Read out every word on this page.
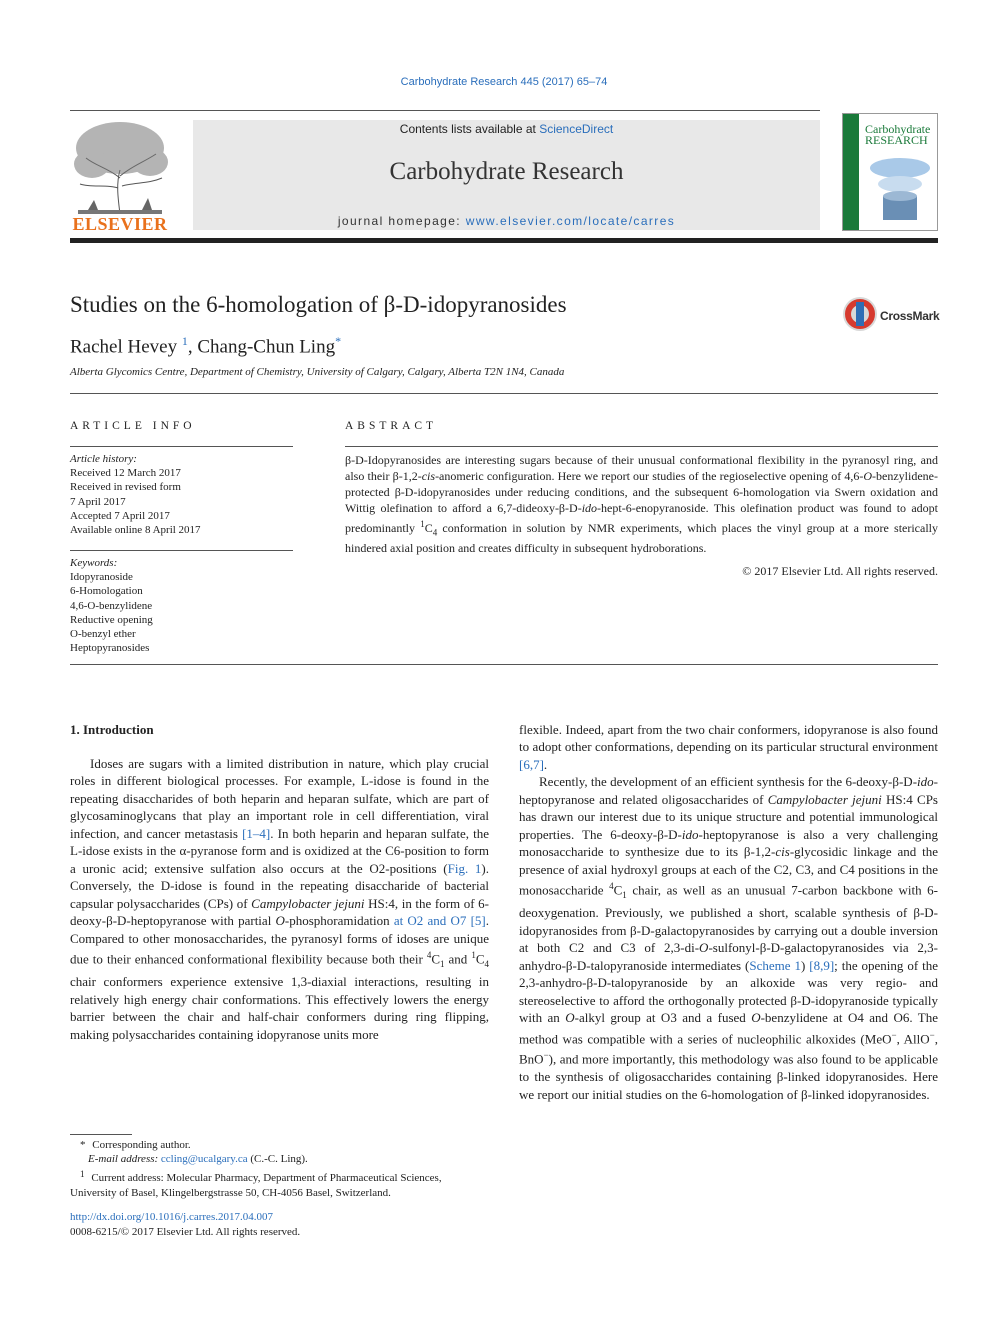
Carbohydrate Research 445 (2017) 65–74
ELSEVIER
Contents lists available at ScienceDirect
Carbohydrate Research
journal homepage: www.elsevier.com/locate/carres
Carbohydrate
RESEARCH
Studies on the 6-homologation of β-D-idopyranosides	CrossMark
Rachel Hevey $^1$, Chang-Chun Ling*
Alberta Glycomics Centre, Department of Chemistry, University of Calgary, Calgary, Alberta T2N 1N4, Canada
ARTICLE INFO
Article history:
Received 12 March 2017
Received in revised form
7 April 2017
Accepted 7 April 2017
Available online 8 April 2017
Keywords:
Idopyranoside
6-Homologation
4,6-O-benzylidene
Reductive opening
O-benzyl ether
Heptopyranosides
ABSTRACT
β-D-Idopyranosides are interesting sugars because of their unusual conformational flexibility in the pyranosyl ring, and also their β-1,2-cis-anomeric configuration. Here we report our studies of the regioselective opening of 4,6-O-benzylidene-protected β-D-idopyranosides under reducing conditions, and the subsequent 6-homologation via Swern oxidation and Wittig olefination to afford a 6,7-dideoxy-β-D-ido-hept-6-enopyranoside. This olefination product was found to adopt predominantly $^1C_4$ conformation in solution by NMR experiments, which places the vinyl group at a more sterically hindered axial position and creates difficulty in subsequent hydroborations.
© 2017 Elsevier Ltd. All rights reserved.
1. Introduction

Idoses are sugars with a limited distribution in nature, which play crucial roles in different biological processes. For example, L-idose is found in the repeating disaccharides of both heparin and heparan sulfate, which are part of glycosaminoglycans that play an important role in cell differentiation, viral infection, and cancer metastasis [1–4]. In both heparin and heparan sulfate, the L-idose exists in the α-pyranose form and is oxidized at the C6-position to form a uronic acid; extensive sulfation also occurs at the O2-positions (Fig. 1). Conversely, the D-idose is found in the repeating disaccharide of bacterial capsular polysaccharides (CPs) of Campylobacter jejuni HS:4, in the form of 6-deoxy-β-D-heptopyranose with partial O-phosphoramidation at O2 and O7 [5]. Compared to other monosaccharides, the pyranosyl forms of idoses are unique due to their enhanced conformational flexibility because both their $^4C_1$ and $^1C_4$ chair conformers experience extensive 1,3-diaxial interactions, resulting in relatively high energy chair conformations. This effectively lowers the energy barrier between the chair and half-chair conformers during ring flipping, making polysaccharides containing idopyranose units more

flexible. Indeed, apart from the two chair conformers, idopyranose is also found to adopt other conformations, depending on its particular structural environment [6,7].

Recently, the development of an efficient synthesis for the 6-deoxy-β-D-ido-heptopyranose and related oligosaccharides of Campylobacter jejuni HS:4 CPs has drawn our interest due to its unique structure and potential immunological properties. The 6-deoxy-β-D-ido-heptopyranose is also a very challenging monosaccharide to synthesize due to its β-1,2-cis-glycosidic linkage and the presence of axial hydroxyl groups at each of the C2, C3, and C4 positions in the monosaccharide $^4C_1$ chair, as well as an unusual 7-carbon backbone with 6-deoxygenation. Previously, we published a short, scalable synthesis of β-D-idopyranosides from β-D-galactopyranosides by carrying out a double inversion at both C2 and C3 of 2,3-di-O-sulfonyl-β-D-galactopyranosides via 2,3-anhydro-β-D-talopyranoside intermediates (Scheme 1) [8,9]; the opening of the 2,3-anhydro-β-D-talopyranoside by an alkoxide was very regio- and stereoselective to afford the orthogonally protected β-D-idopyranoside typically with an O-alkyl group at O3 and a fused O-benzylidene at O4 and O6. The method was compatible with a series of nucleophilic alkoxides (MeO−, AllO−, BnO−), and more importantly, this methodology was also found to be applicable to the synthesis of oligosaccharides containing β-linked idopyranosides. Here we report our initial studies on the 6-homologation of β-linked idopyranosides.

* Corresponding author.
E-mail address: ccling@ucalgary.ca (C.-C. Ling).
$^1$ Current address: Molecular Pharmacy, Department of Pharmaceutical Sciences, University of Basel, Klingelbergstrasse 50, CH-4056 Basel, Switzerland.
http://dx.doi.org/10.1016/j.carres.2017.04.007
0008-6215/© 2017 Elsevier Ltd. All rights reserved.
